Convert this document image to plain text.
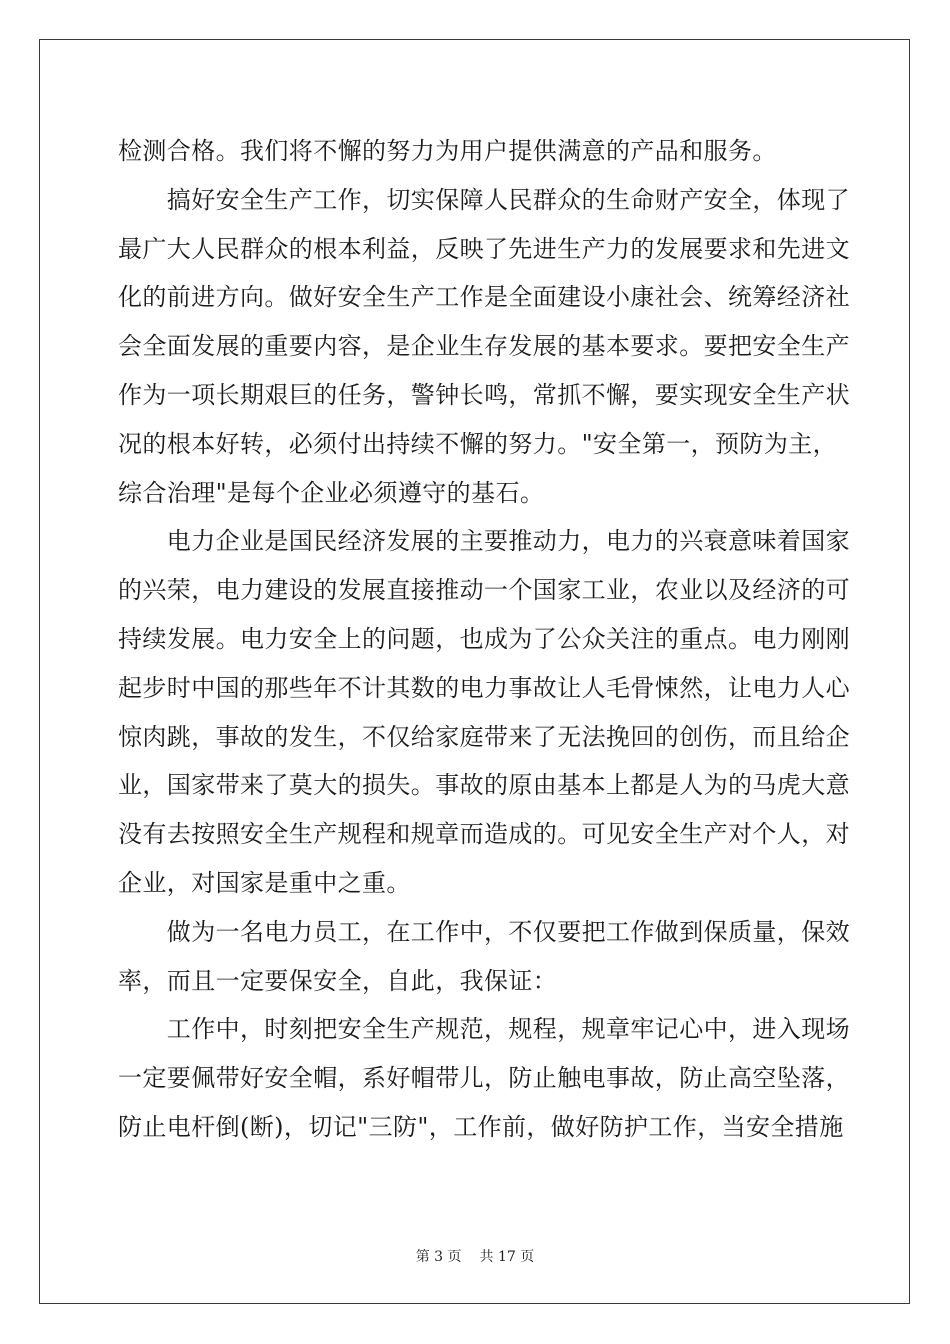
检测合格。我们将不懈的努力为用户提供满意的产品和服务。

　　搞好安全生产工作，切实保障人民群众的生命财产安全，体现了
最广大人民群众的根本利益，反映了先进生产力的发展要求和先进文
化的前进方向。做好安全生产工作是全面建设小康社会、统筹经济社
会全面发展的重要内容，是企业生存发展的基本要求。要把安全生产
作为一项长期艰巨的任务，警钟长鸣，常抓不懈，要实现安全生产状
况的根本好转，必须付出持续不懈的努力。"安全第一，预防为主，
综合治理"是每个企业必须遵守的基石。

　　电力企业是国民经济发展的主要推动力，电力的兴衰意味着国家
的兴荣，电力建设的发展直接推动一个国家工业，农业以及经济的可
持续发展。电力安全上的问题，也成为了公众关注的重点。电力刚刚
起步时中国的那些年不计其数的电力事故让人毛骨悚然，让电力人心
惊肉跳，事故的发生，不仅给家庭带来了无法挽回的创伤，而且给企
业，国家带来了莫大的损失。事故的原由基本上都是人为的马虎大意
没有去按照安全生产规程和规章而造成的。可见安全生产对个人，对
企业，对国家是重中之重。

　　做为一名电力员工，在工作中，不仅要把工作做到保质量，保效
率，而且一定要保安全，自此，我保证：

　　工作中，时刻把安全生产规范，规程，规章牢记心中，进入现场
一定要佩带好安全帽，系好帽带儿，防止触电事故，防止高空坠落，
防止电杆倒(断)，切记"三防"，工作前，做好防护工作，当安全措施

第 3 页 共 17 页
